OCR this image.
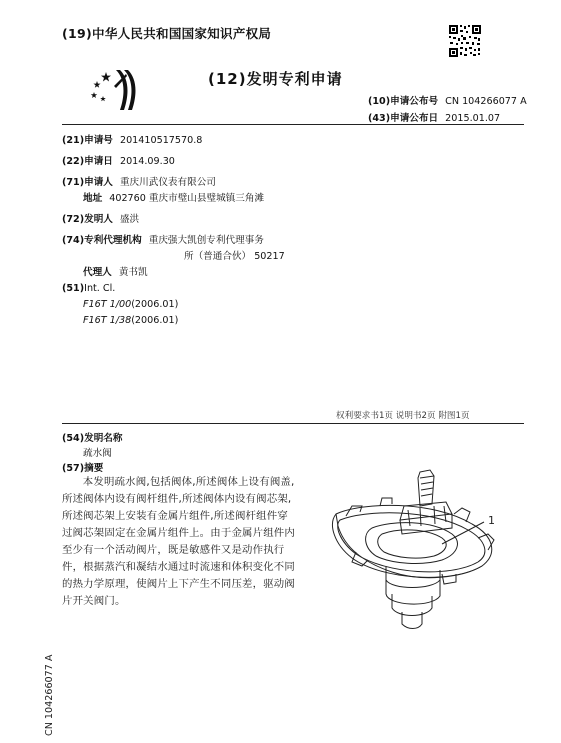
(19)中华人民共和国国家知识产权局
(12)发明专利申请
(10)申请公布号 CN 104266077 A
(43)申请公布日 2015.01.07
(21)申请号 201410517570.8
(22)申请日 2014.09.30
(71)申请人 重庆川武仪表有限公司
地址 402760 重庆市璧山县璧城镇三角滩
(72)发明人 盛洪
(74)专利代理机构 重庆强大凯创专利代理事务
所（普通合伙） 50217
代理人 黄书凯
(51)Int. Cl.
F16T 1/00(2006.01)
F16T 1/38(2006.01)
权利要求书1页 说明书2页 附图1页
(54)发明名称
疏水阀
(57)摘要
本发明疏水阀,包括阀体,所述阀体上设有阀盖,所述阀体内设有阀杆组件,所述阀体内设有阀芯架,所述阀芯架上安装有金属片组件,所述阀杆组件穿过阀芯架固定在金属片组件上。由于金属片组件内至少有一个活动阀片，既是敏感件又是动作执行件，根据蒸汽和凝结水通过时流速和体积变化不同的热力学原理，使阀片上下产生不同压差，驱动阀片开关阀门。
1
CN 104266077 A
